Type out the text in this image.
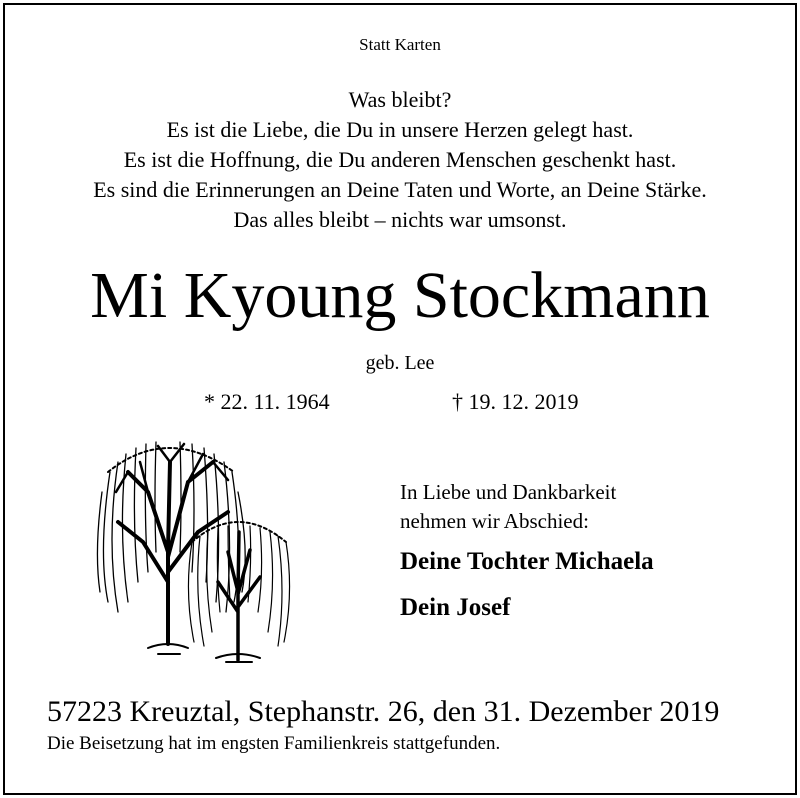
Statt Karten
Was bleibt?
Es ist die Liebe, die Du in unsere Herzen gelegt hast.
Es ist die Hoffnung, die Du anderen Menschen geschenkt hast.
Es sind die Erinnerungen an Deine Taten und Worte, an Deine Stärke.
Das alles bleibt – nichts war umsonst.
Mi Kyoung Stockmann
geb. Lee
* 22. 11. 1964	† 19. 12. 2019
In Liebe und Dankbarkeit
nehmen wir Abschied:
Deine Tochter Michaela
Dein Josef
57223 Kreuztal, Stephanstr. 26, den 31. Dezember 2019
Die Beisetzung hat im engsten Familienkreis stattgefunden.
